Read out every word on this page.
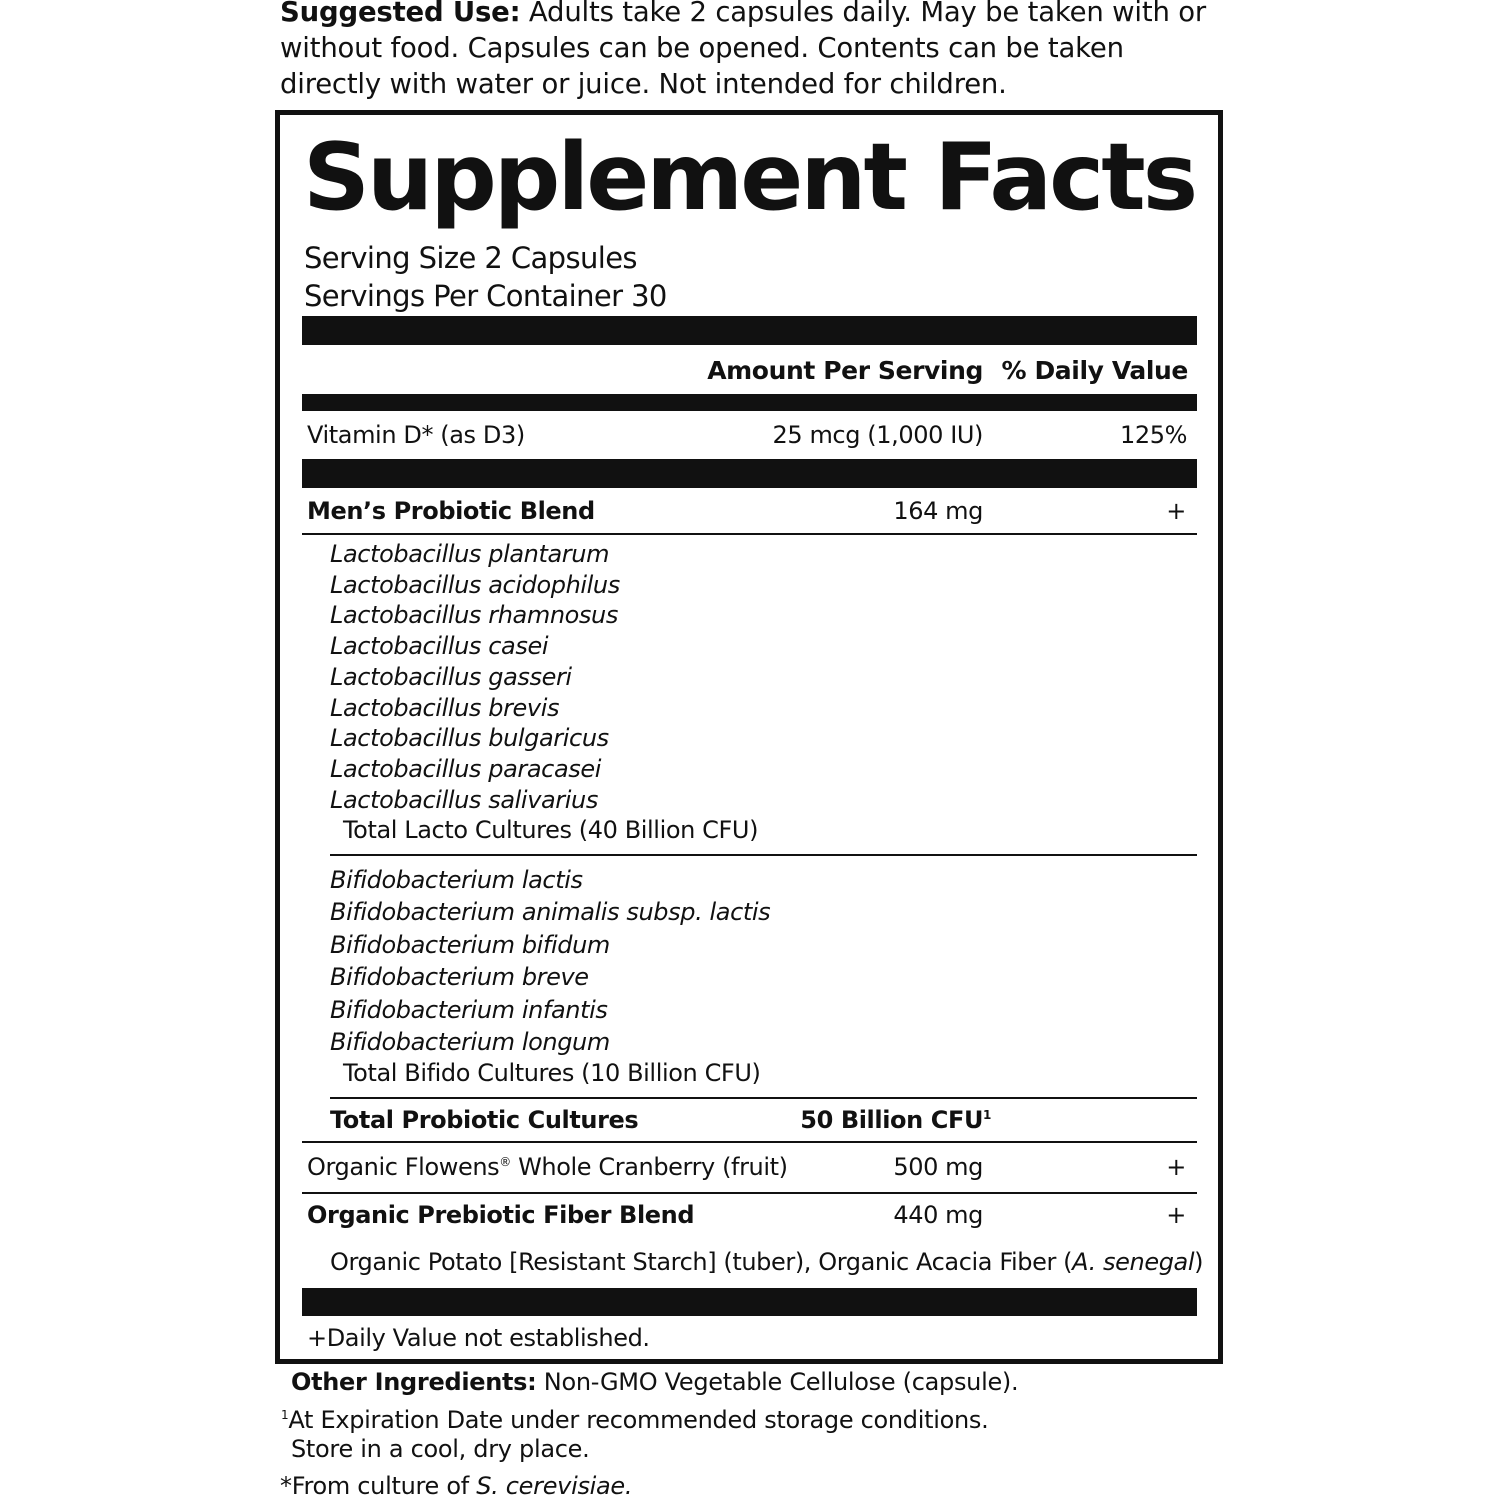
Suggested Use: Adults take 2 capsules daily. May be taken with or without food. Capsules can be opened. Contents can be taken directly with water or juice. Not intended for children.
Supplement Facts
Serving Size 2 Capsules
Servings Per Container 30
Amount Per Serving % Daily Value
Vitamin D* (as D3)	25 mcg (1,000 IU)	125%
Men’s Probiotic Blend	164 mg	+
Lactobacillus plantarum
Lactobacillus acidophilus
Lactobacillus rhamnosus
Lactobacillus casei
Lactobacillus gasseri
Lactobacillus brevis
Lactobacillus bulgaricus
Lactobacillus paracasei
Lactobacillus salivarius
Total Lacto Cultures (40 Billion CFU)
Bifidobacterium lactis
Bifidobacterium animalis subsp. lactis
Bifidobacterium bifidum
Bifidobacterium breve
Bifidobacterium infantis
Bifidobacterium longum
Total Bifido Cultures (10 Billion CFU)
Total Probiotic Cultures	50 Billion CFU$^1$
Organic Flowens® Whole Cranberry (fruit)	500 mg	+
Organic Prebiotic Fiber Blend	440 mg	+
Organic Potato [Resistant Starch] (tuber), Organic Acacia Fiber (A. senegal)
+Daily Value not established.
Other Ingredients: Non-GMO Vegetable Cellulose (capsule).
$^1$At Expiration Date under recommended storage conditions.
Store in a cool, dry place.
*From culture of S. cerevisiae.
